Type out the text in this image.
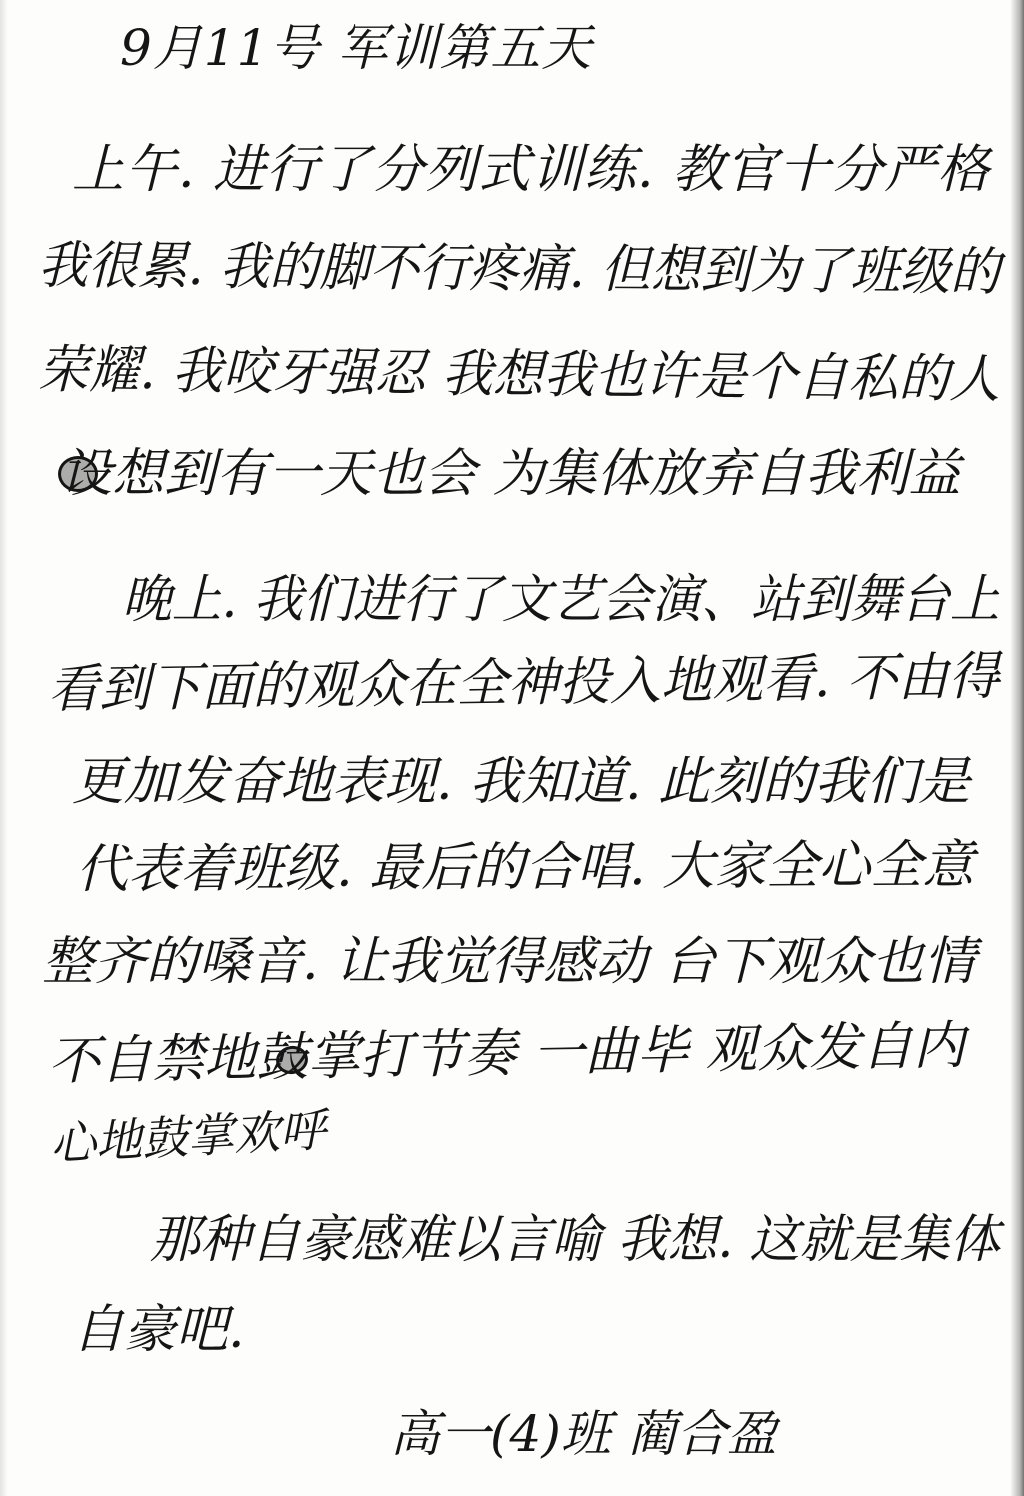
9月11号 军训第五天
上午. 进行了分列式训练. 教官十分严格
我很累. 我的脚不行疼痛. 但想到为了班级的
荣耀. 我咬牙强忍 我想我也许是个自私的人
设想到有一天也会 为集体放弃自我利益
晚上. 我们进行了文艺会演、站到舞台上
看到下面的观众在全神投入地观看. 不由得
更加发奋地表现. 我知道. 此刻的我们是
代表着班级. 最后的合唱. 大家全心全意
整齐的嗓音. 让我觉得感动 台下观众也情
不自禁地鼓掌打节奏 一曲毕 观众发自内
心地鼓掌欢呼
那种自豪感难以言喻 我想. 这就是集体
自豪吧.
高一(4)班 蔺合盈
